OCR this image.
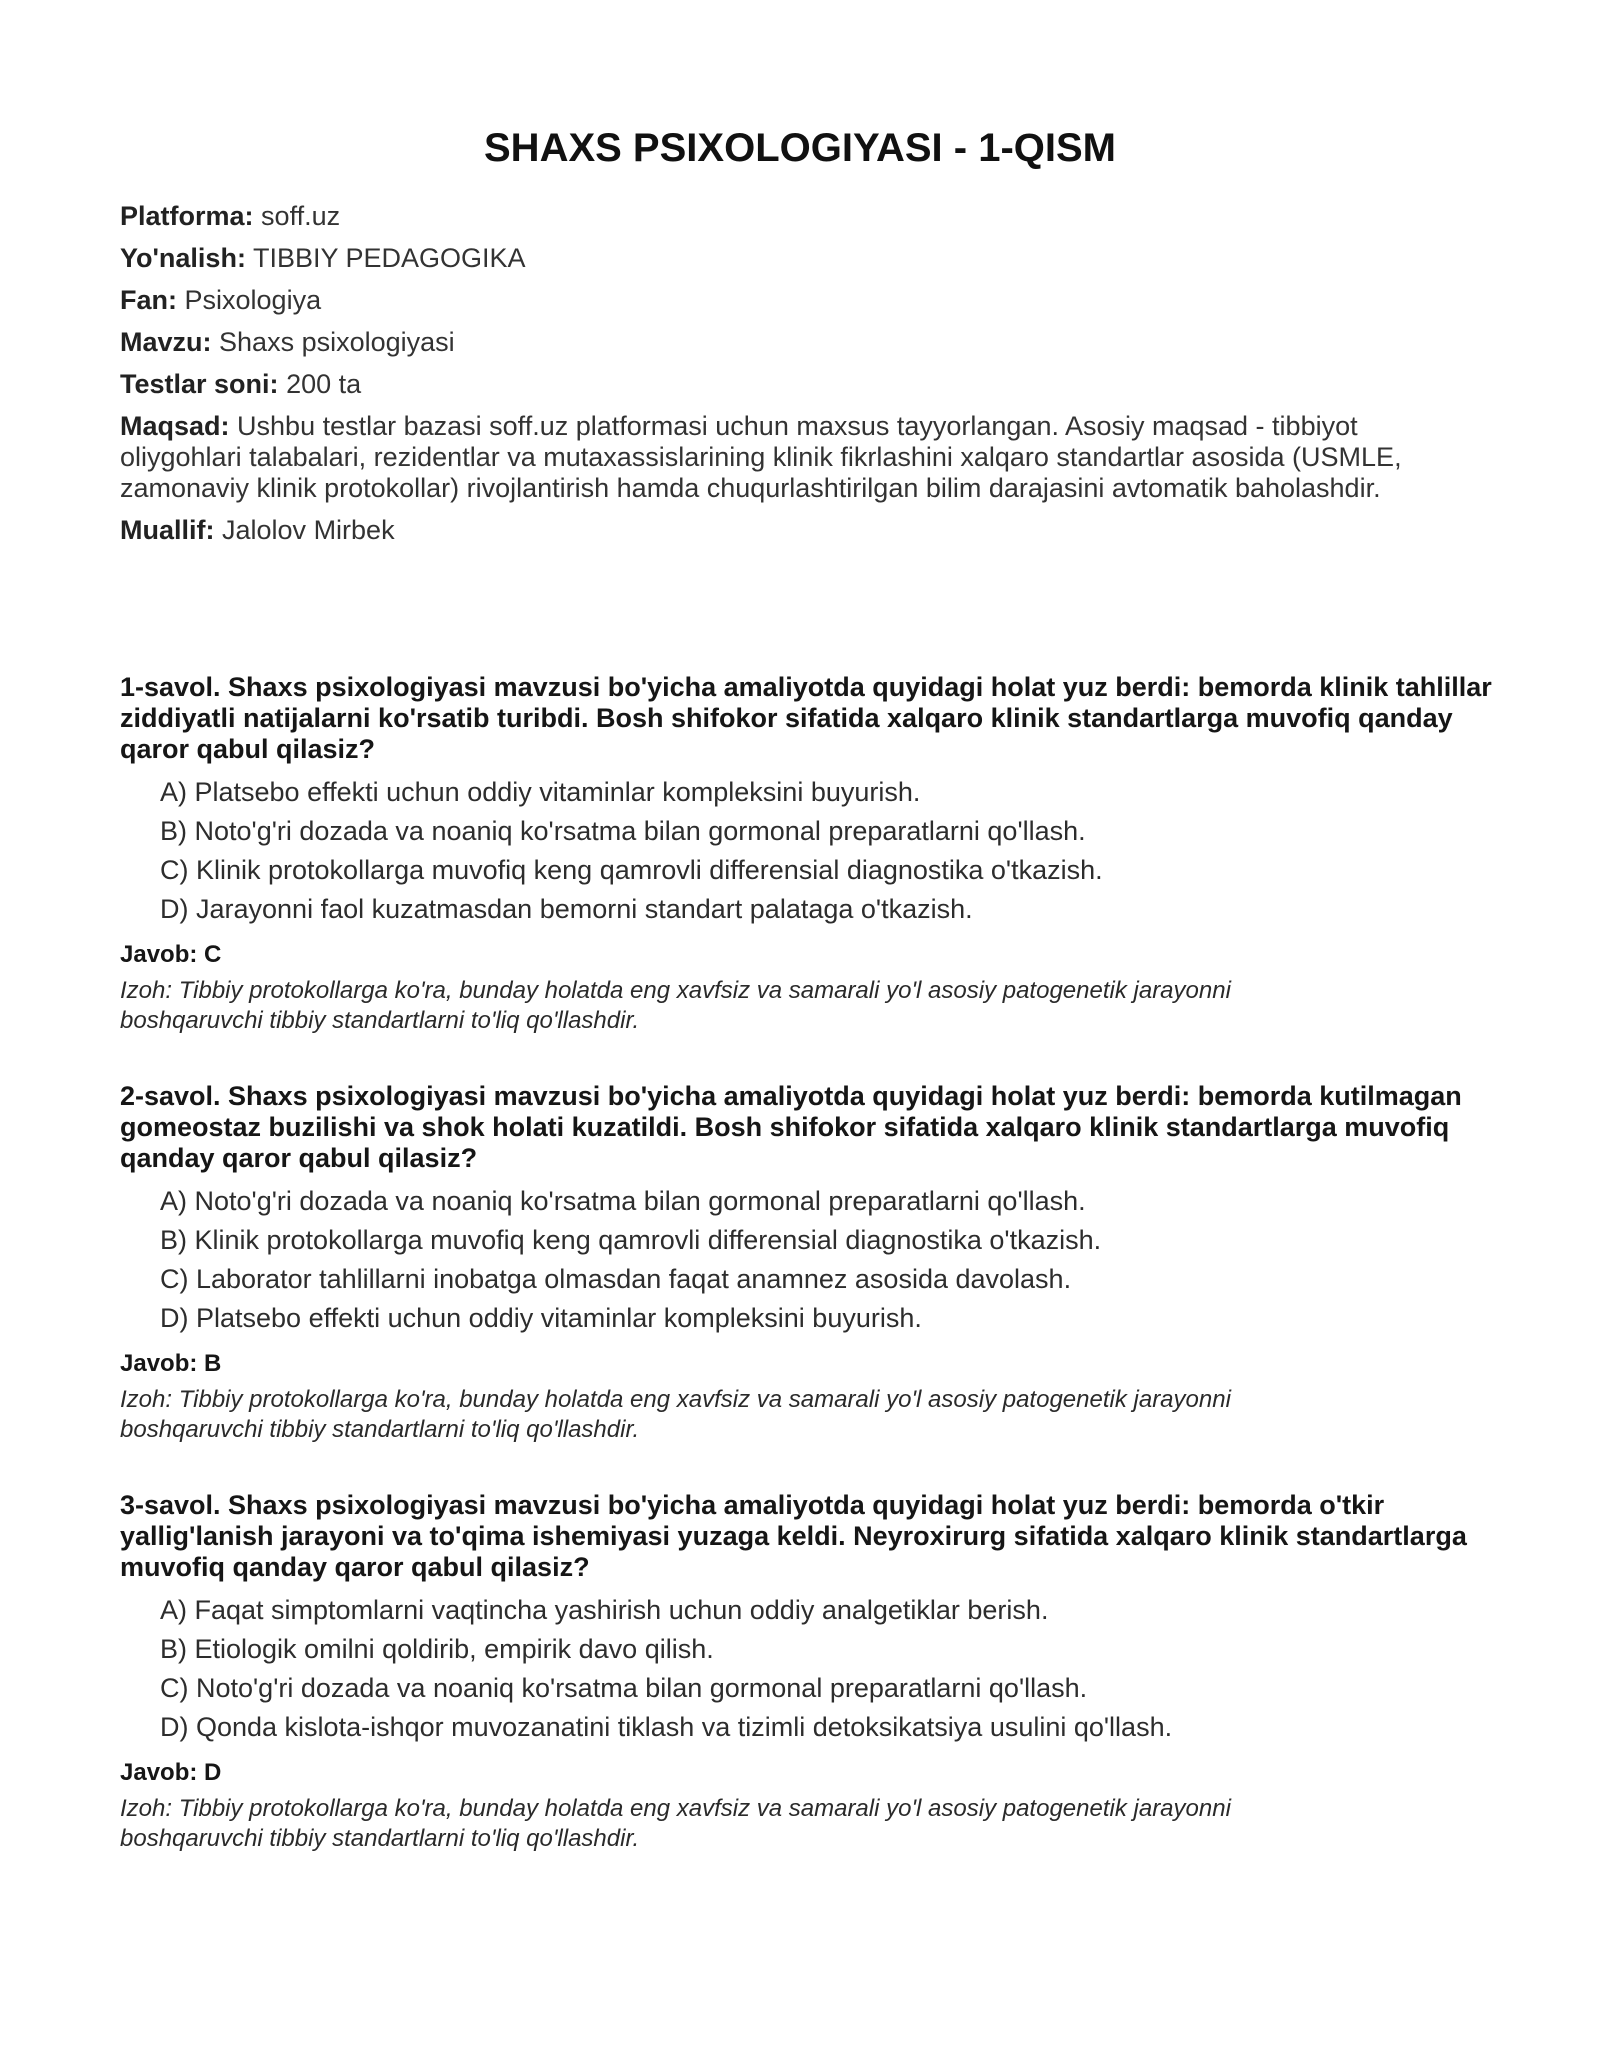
SHAXS PSIXOLOGIYASI - 1-QISM

Platforma: soff.uz

Yo'nalish: TIBBIY PEDAGOGIKA

Fan: Psixologiya

Mavzu: Shaxs psixologiyasi

Testlar soni: 200 ta

Maqsad: Ushbu testlar bazasi soff.uz platformasi uchun maxsus tayyorlangan. Asosiy maqsad - tibbiyot oliygohlari talabalari, rezidentlar va mutaxassislarining klinik fikrlashini xalqaro standartlar asosida (USMLE, zamonaviy klinik protokollar) rivojlantirish hamda chuqurlashtirilgan bilim darajasini avtomatik baholashdir.

Muallif: Jalolov Mirbek

1-savol. Shaxs psixologiyasi mavzusi bo'yicha amaliyotda quyidagi holat yuz berdi: bemorda klinik tahlillar ziddiyatli natijalarni ko'rsatib turibdi. Bosh shifokor sifatida xalqaro klinik standartlarga muvofiq qanday qaror qabul qilasiz?

A) Platsebo effekti uchun oddiy vitaminlar kompleksini buyurish.

B) Noto'g'ri dozada va noaniq ko'rsatma bilan gormonal preparatlarni qo'llash.

C) Klinik protokollarga muvofiq keng qamrovli differensial diagnostika o'tkazish.

D) Jarayonni faol kuzatmasdan bemorni standart palataga o'tkazish.

Javob: C

Izoh: Tibbiy protokollarga ko'ra, bunday holatda eng xavfsiz va samarali yo'l asosiy patogenetik jarayonni boshqaruvchi tibbiy standartlarni to'liq qo'llashdir.

2-savol. Shaxs psixologiyasi mavzusi bo'yicha amaliyotda quyidagi holat yuz berdi: bemorda kutilmagan gomeostaz buzilishi va shok holati kuzatildi. Bosh shifokor sifatida xalqaro klinik standartlarga muvofiq qanday qaror qabul qilasiz?

A) Noto'g'ri dozada va noaniq ko'rsatma bilan gormonal preparatlarni qo'llash.

B) Klinik protokollarga muvofiq keng qamrovli differensial diagnostika o'tkazish.

C) Laborator tahlillarni inobatga olmasdan faqat anamnez asosida davolash.

D) Platsebo effekti uchun oddiy vitaminlar kompleksini buyurish.

Javob: B

Izoh: Tibbiy protokollarga ko'ra, bunday holatda eng xavfsiz va samarali yo'l asosiy patogenetik jarayonni boshqaruvchi tibbiy standartlarni to'liq qo'llashdir.

3-savol. Shaxs psixologiyasi mavzusi bo'yicha amaliyotda quyidagi holat yuz berdi: bemorda o'tkir yallig'lanish jarayoni va to'qima ishemiyasi yuzaga keldi. Neyroxirurg sifatida xalqaro klinik standartlarga muvofiq qanday qaror qabul qilasiz?

A) Faqat simptomlarni vaqtincha yashirish uchun oddiy analgetiklar berish.

B) Etiologik omilni qoldirib, empirik davo qilish.

C) Noto'g'ri dozada va noaniq ko'rsatma bilan gormonal preparatlarni qo'llash.

D) Qonda kislota-ishqor muvozanatini tiklash va tizimli detoksikatsiya usulini qo'llash.

Javob: D

Izoh: Tibbiy protokollarga ko'ra, bunday holatda eng xavfsiz va samarali yo'l asosiy patogenetik jarayonni boshqaruvchi tibbiy standartlarni to'liq qo'llashdir.
